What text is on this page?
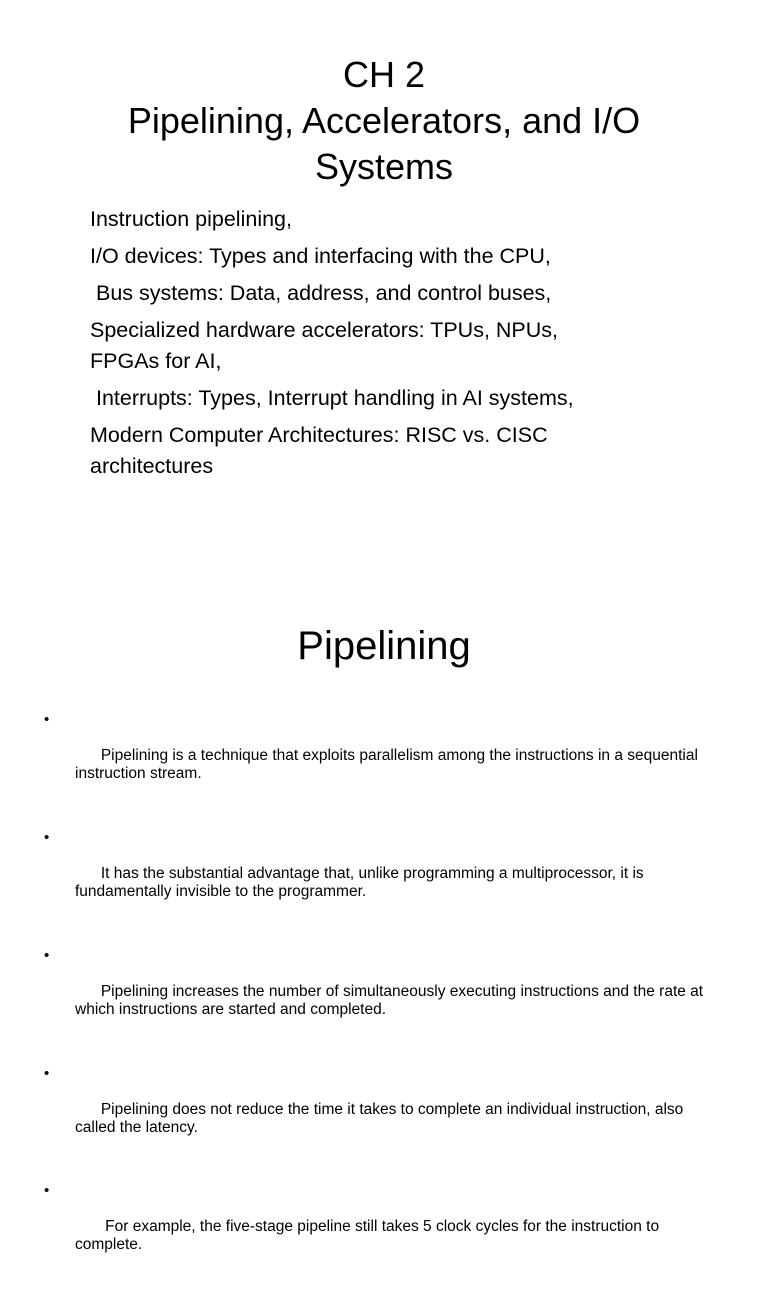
CH 2
Pipelining, Accelerators, and I/O
Systems
Instruction pipelining,
I/O devices: Types and interfacing with the CPU,
Bus systems: Data, address, and control buses,
Specialized hardware accelerators: TPUs, NPUs, FPGAs for AI,
Interrupts: Types, Interrupt handling in AI systems,
Modern Computer Architectures: RISC vs. CISC architectures
Pipelining

•

Pipelining is a technique that exploits parallelism among the instructions in a sequential instruction stream.

•

It has the substantial advantage that, unlike programming a multiprocessor, it is fundamentally invisible to the programmer.

•

Pipelining increases the number of simultaneously executing instructions and the rate at which instructions are started and completed.

•

Pipelining does not reduce the time it takes to complete an individual instruction, also called the latency.

•

For example, the five-stage pipeline still takes 5 clock cycles for the instruction to complete.
